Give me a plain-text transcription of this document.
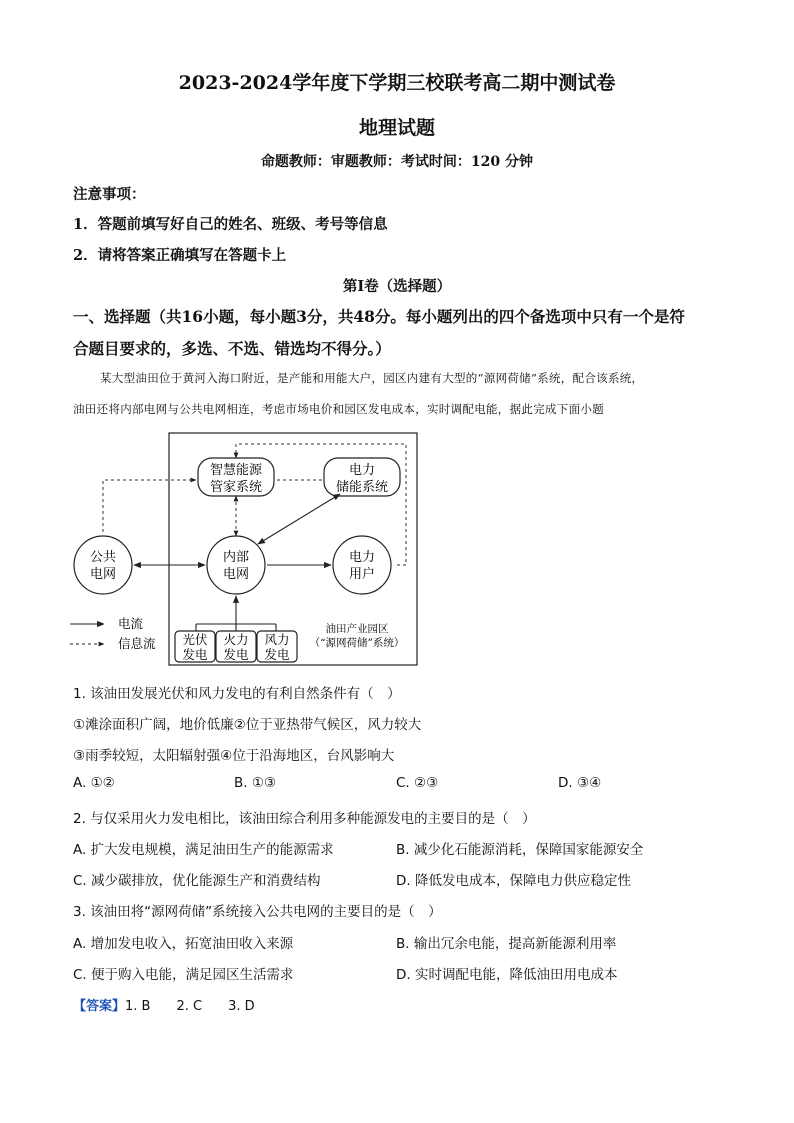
2023-2024学年度下学期三校联考高二期中测试卷
地理试题
命题教师：审题教师：考试时间：120 分钟
注意事项：
1．答题前填写好自己的姓名、班级、考号等信息
2．请将答案正确填写在答题卡上
第Ⅰ卷（选择题）
一、选择题（共16小题，每小题3分，共48分。每小题列出的四个备选项中只有一个是符
合题目要求的，多选、不选、错选均不得分。）
某大型油田位于黄河入海口附近，是产能和用能大户，园区内建有大型的“源网荷储”系统，配合该系统，
油田还将内部电网与公共电网相连，考虑市场电价和园区发电成本，实时调配电能，据此完成下面小题
智慧能源
管家系统
电力
储能系统
公共
电网
内部
电网
电力
用户
光伏
发电
火力
发电
风力
发电
油田产业园区
（“源网荷储”系统）
电流
信息流
1. 该油田发展光伏和风力发电的有利自然条件有（　）
①滩涂面积广阔，地价低廉②位于亚热带气候区，风力较大
③雨季较短，太阳辐射强④位于沿海地区，台风影响大
A. ①②	B. ①③	C. ②③	D. ③④
2. 与仅采用火力发电相比，该油田综合利用多种能源发电的主要目的是（　）
A. 扩大发电规模，满足油田生产的能源需求	B. 减少化石能源消耗，保障国家能源安全
C. 减少碳排放，优化能源生产和消费结构	D. 降低发电成本，保障电力供应稳定性
3. 该油田将“源网荷储”系统接入公共电网的主要目的是（　）
A. 增加发电收入，拓宽油田收入来源	B. 输出冗余电能，提高新能源利用率
C. 便于购入电能，满足园区生活需求	D. 实时调配电能，降低油田用电成本
【答案】1. B 2. C 3. D
